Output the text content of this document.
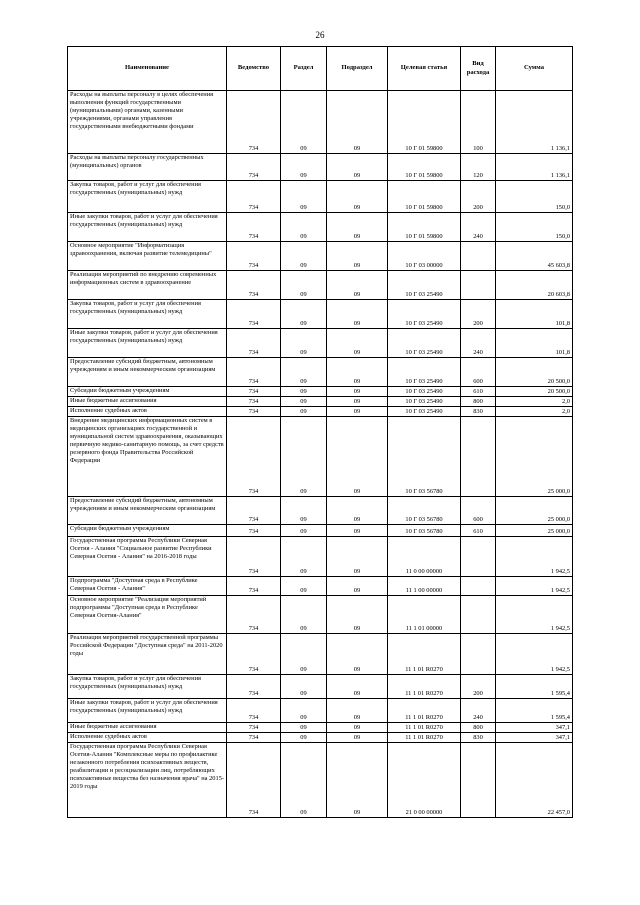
26
Наименование	Ведомство	Раздел	Подраздел	Целевая статья	Вид расхода	Сумма
Расходы на выплаты персоналу в целях обеспечения выполнения функций государственными (муниципальными) органами, казенными учреждениями, органами управления государственными внебюджетными фондами	734	09	09	10 Г 01 59800	100	1 136,1
Расходы на выплаты персоналу государственных (муниципальных) органов	734	09	09	10 Г 01 59800	120	1 136,1
Закупка товаров, работ и услуг для обеспечения государственных (муниципальных) нужд	734	09	09	10 Г 01 59800	200	150,0
Иные закупки товаров, работ и услуг для обеспечения государственных (муниципальных) нужд	734	09	09	10 Г 01 59800	240	150,0
Основное мероприятие "Информатизация здравоохранения, включая развитие телемедицины"	734	09	09	10 Г 03 00000		45 603,8
Реализация мероприятий по внедрению современных информационных систем в здравоохранение	734	09	09	10 Г 03 25490		20 603,8
Закупка товаров, работ и услуг для обеспечения государственных (муниципальных) нужд	734	09	09	10 Г 03 25490	200	101,8
Иные закупки товаров, работ и услуг для обеспечения государственных (муниципальных) нужд	734	09	09	10 Г 03 25490	240	101,8
Предоставление субсидий бюджетным, автономным учреждениям и иным некоммерческим организациям	734	09	09	10 Г 03 25490	600	20 500,0
Субсидии бюджетным учреждениям	734	09	09	10 Г 03 25490	610	20 500,0
Иные бюджетные ассигнования	734	09	09	10 Г 03 25490	800	2,0
Исполнение судебных актов	734	09	09	10 Г 03 25490	830	2,0
Внедрение медицинских информационных систем в медицинских организациях государственной и муниципальной систем здравоохранения, оказывающих первичную медико-санитарную помощь, за счет средств резервного фонда Правительства Российской Федерации	734	09	09	10 Г 03 56780		25 000,0
Предоставление субсидий бюджетным, автономным учреждениям и иным некоммерческим организациям	734	09	09	10 Г 03 56780	600	25 000,0
Субсидии бюджетным учреждениям	734	09	09	10 Г 03 56780	610	25 000,0
Государственная программа Республики Северная Осетия - Алания "Социальное развитие Республики Северная Осетия - Алания" на 2016-2018 годы	734	09	09	11 0 00 00000		1 942,5
Подпрограмма "Доступная среда в Республике Северная Осетия - Алания"	734	09	09	11 1 00 00000		1 942,5
Основное мероприятие "Реализация мероприятий подпрограммы "Доступная среда в Республике Северная Осетия-Алания"	734	09	09	11 1 01 00000		1 942,5
Реализация мероприятий государственной программы Российской Федерации "Доступная среда" на 2011-2020 годы	734	09	09	11 1 01 R0270		1 942,5
Закупка товаров, работ и услуг для обеспечения государственных (муниципальных) нужд	734	09	09	11 1 01 R0270	200	1 595,4
Иные закупки товаров, работ и услуг для обеспечения государственных (муниципальных) нужд	734	09	09	11 1 01 R0270	240	1 595,4
Иные бюджетные ассигнования	734	09	09	11 1 01 R0270	800	347,1
Исполнение судебных актов	734	09	09	11 1 01 R0270	830	347,1
Государственная программа Республики Северная Осетия-Алания "Комплексные меры по профилактике незаконного потребления психоактивных веществ, реабилитации и ресоциализации лиц, потребляющих психоактивные вещества без назначения врача" на 2015-2019 годы	734	09	09	21 0 00 00000		22 457,0
